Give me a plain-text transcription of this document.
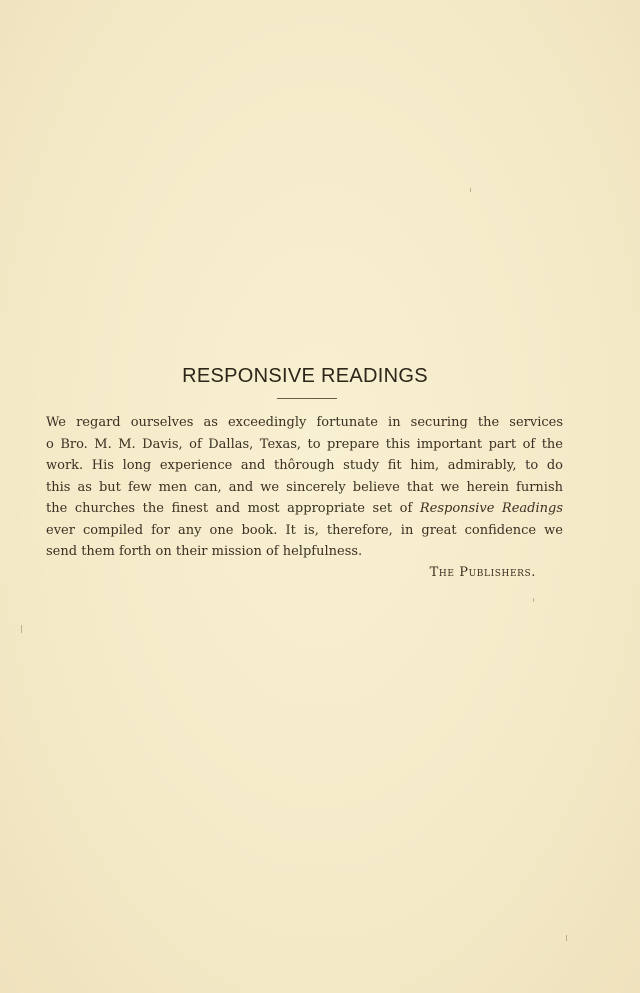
RESPONSIVE READINGS
We regard ourselves as exceedingly fortunate in securing the services
o Bro. M. M. Davis, of Dallas, Texas, to prepare this important part of the
work. His long experience and thôrough study fit him, admirably, to do
this as but few men can, and we sincerely believe that we herein furnish
the churches the finest and most appropriate set of Responsive Readings
ever compiled for any one book. It is, therefore, in great confidence we
send them forth on their mission of helpfulness.
The Publishers.
